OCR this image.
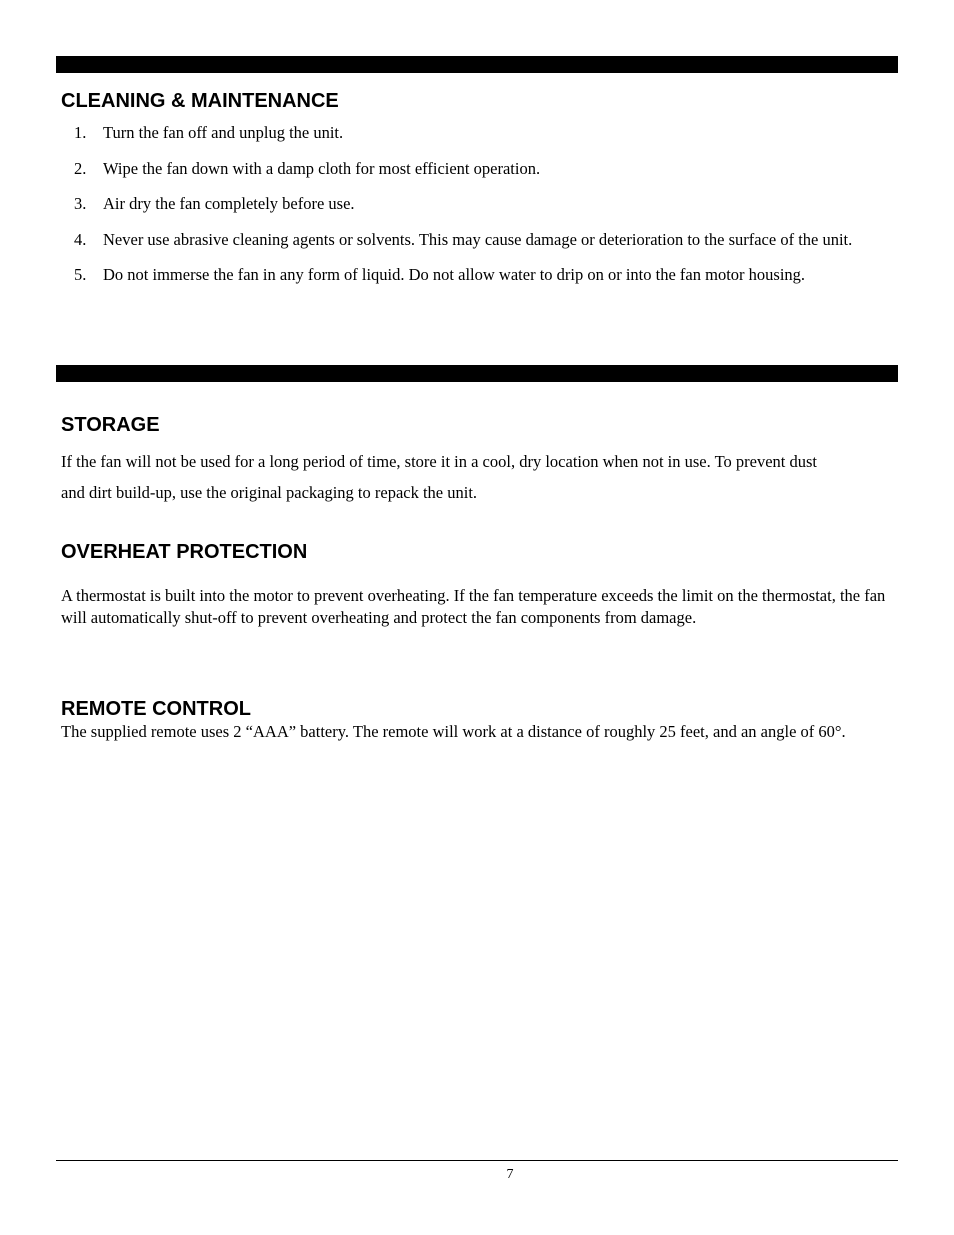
CLEANING & MAINTENANCE
1. Turn the fan off and unplug the unit.
2. Wipe the fan down with a damp cloth for most efficient operation.
3. Air dry the fan completely before use.
4. Never use abrasive cleaning agents or solvents. This may cause damage or deterioration to the surface of the unit.
5. Do not immerse the fan in any form of liquid. Do not allow water to drip on or into the fan motor housing.
STORAGE

If the fan will not be used for a long period of time, store it in a cool, dry location when not in use. To prevent dust and dirt build-up, use the original packaging to repack the unit.

OVERHEAT PROTECTION

A thermostat is built into the motor to prevent overheating. If the fan temperature exceeds the limit on the thermostat, the fan will automatically shut-off to prevent overheating and protect the fan components from damage.

REMOTE CONTROL

The supplied remote uses 2 “AAA” battery. The remote will work at a distance of roughly 25 feet, and an angle of 60°.

7
